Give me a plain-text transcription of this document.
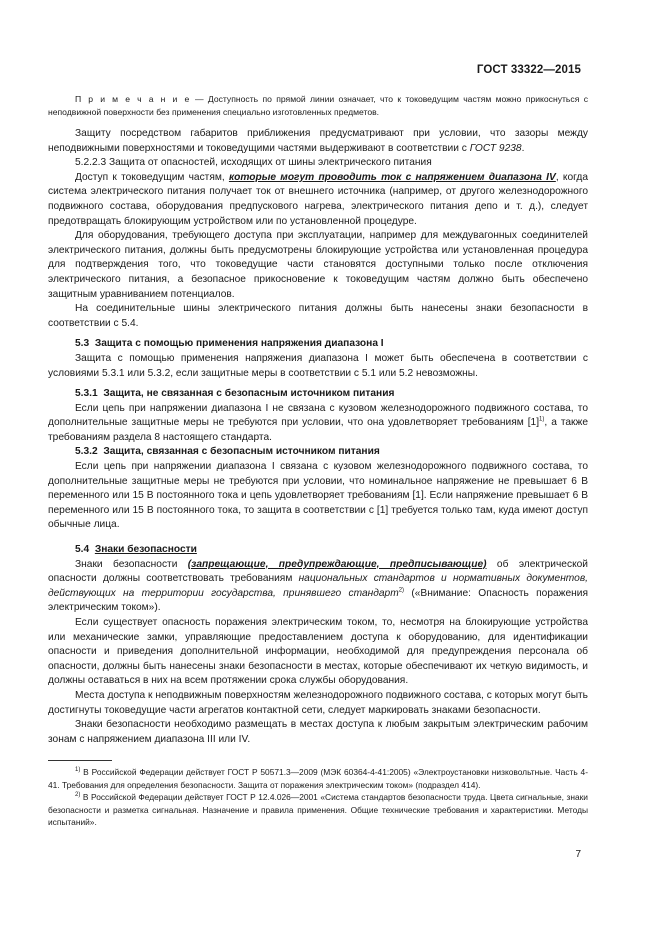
ГОСТ 33322—2015

П р и м е ч а н и е — Доступность по прямой линии означает, что к токоведущим частям можно прикоснуться с неподвижной поверхности без применения специально изготовленных предметов.

Защиту посредством габаритов приближения предусматривают при условии, что зазоры между неподвижными поверхностями и токоведущими частями выдерживают в соответствии с ГОСТ 9238.

5.2.2.3 Защита от опасностей, исходящих от шины электрического питания

Доступ к токоведущим частям, которые могут проводить ток с напряжением диапазона IV, когда система электрического питания получает ток от внешнего источника (например, от другого железнодорожного подвижного состава, оборудования предпускового нагрева, электрического питания депо и т. д.), следует предотвращать блокирующим устройством или по установленной процедуре.

Для оборудования, требующего доступа при эксплуатации, например для междувагонных соединителей электрического питания, должны быть предусмотрены блокирующие устройства или установленная процедура для подтверждения того, что токоведущие части становятся доступными только после отключения электрического питания, а безопасное прикосновение к токоведущим частям должно быть обеспечено защитным уравниванием потенциалов.

На соединительные шины электрического питания должны быть нанесены знаки безопасности в соответствии с 5.4.

5.3 Защита с помощью применения напряжения диапазона I

Защита с помощью применения напряжения диапазона I может быть обеспечена в соответствии с условиями 5.3.1 или 5.3.2, если защитные меры в соответствии с 5.1 или 5.2 невозможны.

5.3.1 Защита, не связанная с безопасным источником питания

Если цепь при напряжении диапазона I не связана с кузовом железнодорожного подвижного состава, то дополнительные защитные меры не требуются при условии, что она удовлетворяет требованиям $[1]^{1)}$, а также требованиям раздела 8 настоящего стандарта.

5.3.2 Защита, связанная с безопасным источником питания

Если цепь при напряжении диапазона I связана с кузовом железнодорожного подвижного состава, то дополнительные защитные меры не требуются при условии, что номинальное напряжение не превышает 6 В переменного или 15 В постоянного тока и цепь удовлетворяет требованиям [1]. Если напряжение превышает 6 В переменного или 15 В постоянного тока, то защита в соответствии с [1] требуется только там, куда имеют доступ обычные лица.

5.4 Знаки безопасности

Знаки безопасности (запрещающие, предупреждающие, предписывающие) об электрической опасности должны соответствовать требованиям национальных стандартов и нормативных документов, действующих на территории государства, принявшего стандарт$^{2)}$ («Внимание: Опасность поражения электрическим током»).

Если существует опасность поражения электрическим током, то, несмотря на блокирующие устройства или механические замки, управляющие предоставлением доступа к оборудованию, для идентификации опасности и приведения дополнительной информации, необходимой для предупреждения персонала об опасности, должны быть нанесены знаки безопасности в местах, которые обеспечивают их четкую видимость, и должны оставаться в них на всем протяжении срока службы оборудования.

Места доступа к неподвижным поверхностям железнодорожного подвижного состава, с которых могут быть достигнуты токоведущие части агрегатов контактной сети, следует маркировать знаками безопасности.

Знаки безопасности необходимо размещать в местах доступа к любым закрытым электрическим рабочим зонам с напряжением диапазона III или IV.

$^{1)}$ В Российской Федерации действует ГОСТ Р 50571.3—2009 (МЭК 60364-4-41:2005) «Электроустановки низковольтные. Часть 4-41. Требования для определения безопасности. Защита от поражения электрическим током» (подраздел 414).

$^{2)}$ В Российской Федерации действует ГОСТ Р 12.4.026—2001 «Система стандартов безопасности труда. Цвета сигнальные, знаки безопасности и разметка сигнальная. Назначение и правила применения. Общие технические требования и характеристики. Методы испытаний».

7
